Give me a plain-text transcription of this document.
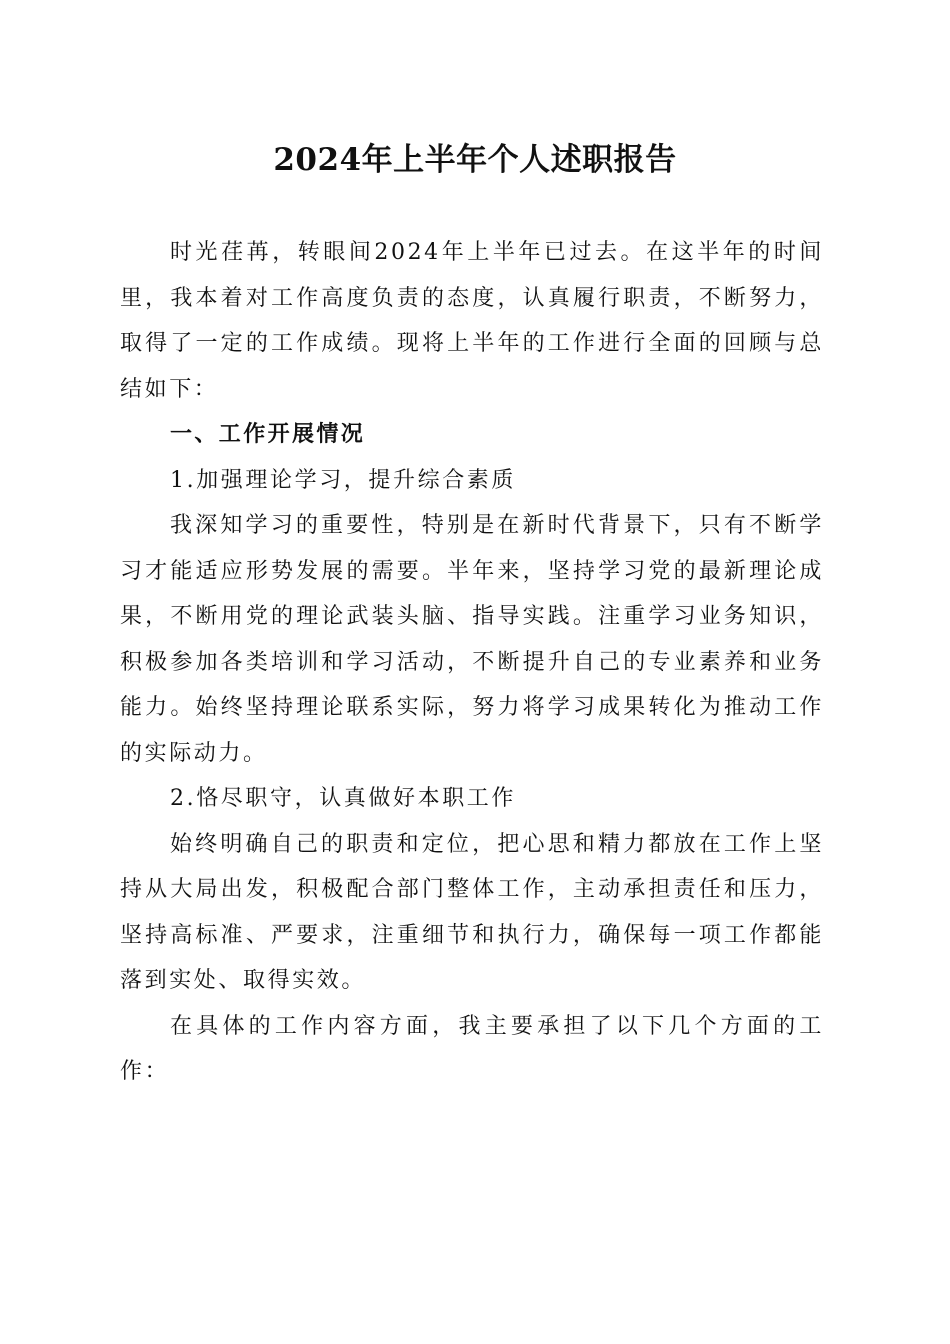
2024年上半年个人述职报告

时光荏苒，转眼间2024年上半年已过去。在这半年的时间里，我本着对工作高度负责的态度，认真履行职责，不断努力，取得了一定的工作成绩。现将上半年的工作进行全面的回顾与总结如下：

一、工作开展情况

1.加强理论学习，提升综合素质

我深知学习的重要性，特别是在新时代背景下，只有不断学习才能适应形势发展的需要。半年来，坚持学习党的最新理论成果，不断用党的理论武装头脑、指导实践。注重学习业务知识，积极参加各类培训和学习活动，不断提升自己的专业素养和业务能力。始终坚持理论联系实际，努力将学习成果转化为推动工作的实际动力。

2.恪尽职守，认真做好本职工作

始终明确自己的职责和定位，把心思和精力都放在工作上坚持从大局出发，积极配合部门整体工作，主动承担责任和压力，坚持高标准、严要求，注重细节和执行力，确保每一项工作都能落到实处、取得实效。

在具体的工作内容方面，我主要承担了以下几个方面的工作：
